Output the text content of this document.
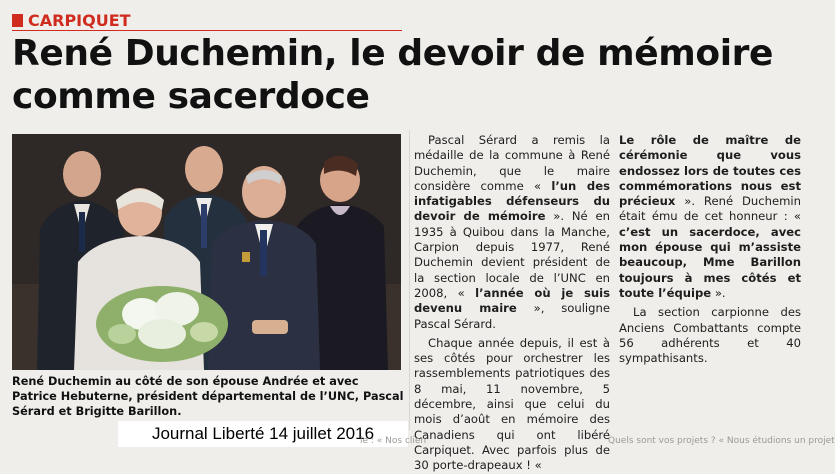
CARPIQUET
René Duchemin, le devoir de mémoire
comme sacerdoce

René Duchemin au côté de son épouse Andrée et avec Patrice Hebuterne, président départemental de l’UNC, Pascal Sérard et Brigitte Barillon.

Journal Liberté 14 juillet 2016

Pascal Sérard a remis la médaille de la commune à René Duchemin, que le maire considère comme « l’un des infatigables défenseurs du devoir de mémoire ». Né en 1935 à Quibou dans la Manche, Carpion depuis 1977, René Duchemin devient président de la section locale de l’UNC en 2008, « l’année où je suis devenu maire », souligne Pascal Sérard.

Chaque année depuis, il est à ses côtés pour orchestrer les rassemblements patriotiques des 8 mai, 11 novembre, 5 décembre, ainsi que celui du mois d’août en mémoire des Canadiens qui ont libéré Carpiquet. Avec parfois plus de 30 porte-drapeaux ! «

Le rôle de maître de cérémonie que vous endossez lors de toutes ces commémorations nous est précieux ». René Duchemin était ému de cet honneur : « c’est un sacerdoce, avec mon épouse qui m’assiste beaucoup, Mme Barillon toujours à mes côtés et toute l’équipe ».

La section carpionne des Anciens Combattants compte 56 adhérents et 40 sympathisants.

le : « Nos clien	Quels sont vos projets ? « Nous étudions un projet
